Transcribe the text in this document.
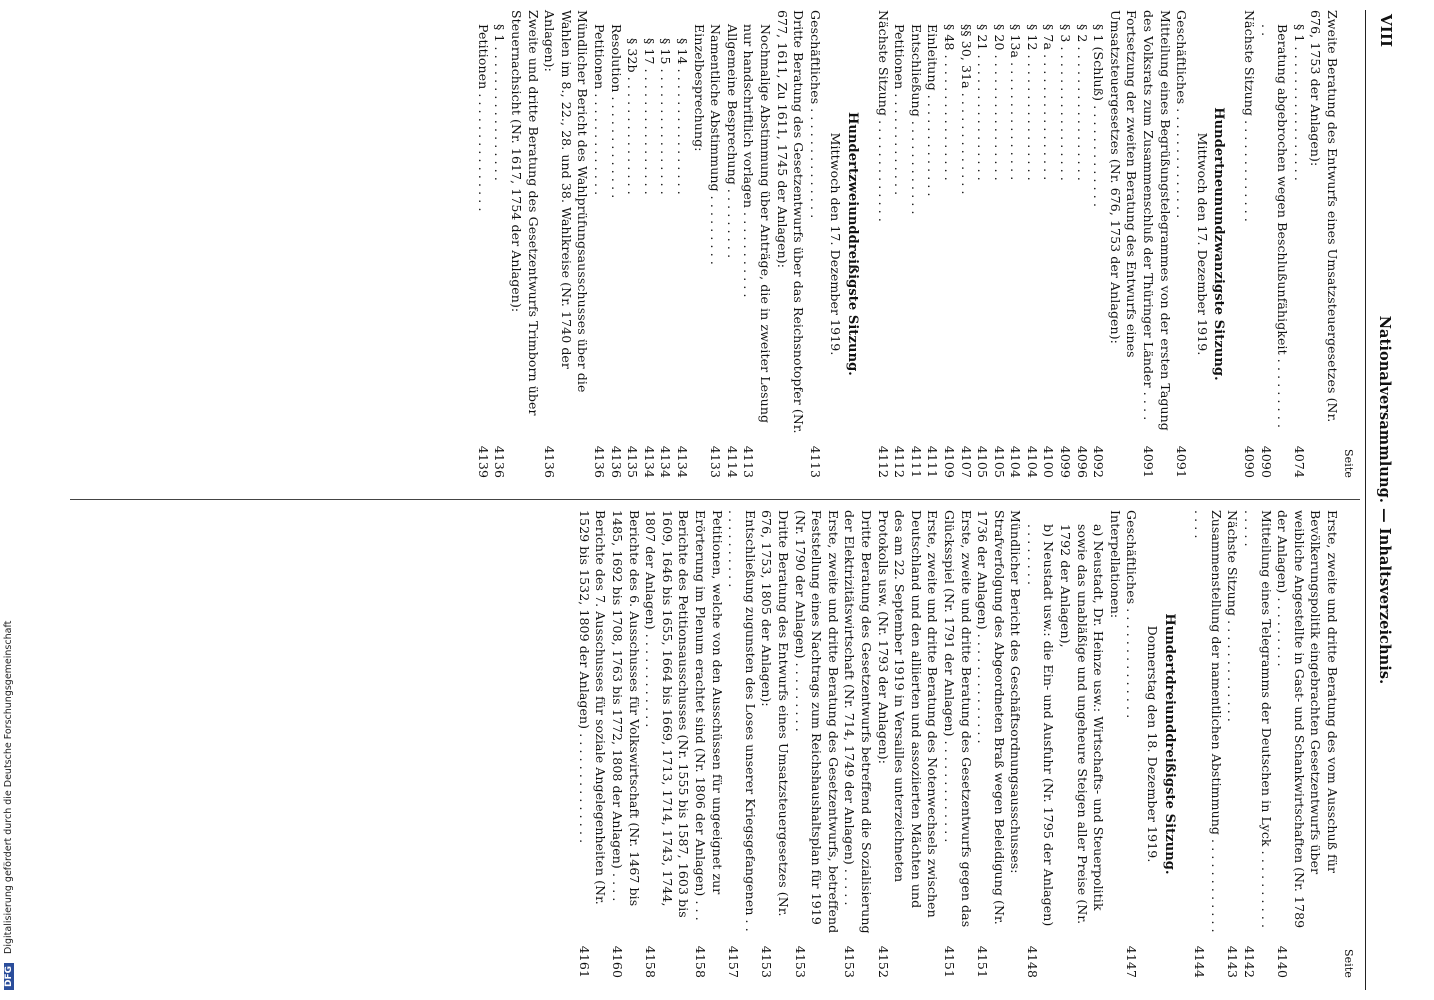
VIII
Nationalversammlung. — Inhaltsverzeichnis.
Seite
Zweite Beratung des Entwurfs eines Umsatzsteuergesetzes (Nr. 676, 1753 der Anlagen):
§ 1 . . . . . . . . . . . . . . . . .
4074
Beratung abgebrochen wegen Beschlußunfähigkeit . . . . . . . . . . .
4090
Nächste Sitzung . . . . . . . . . . . . .
4090
Hundertneunundzwanzigste Sitzung.
Mittwoch den 17. Dezember 1919.
Geschäftliches . . . . . . . . . . . . . .
4091
Mitteilung eines Begrüßungstelegrammes von der ersten Tagung des Volksrats zum Zusammenschluß der Thüringer Länder . . . .
4091
Fortsetzung der zweiten Beratung des Entwurfs eines Umsatzsteuergesetzes (Nr. 676, 1753 der Anlagen):
§ 1 (Schluß) . . . . . . . . . . . . .
4092
§ 2 . . . . . . . . . . . . . . . . .
4096
§ 3 . . . . . . . . . . . . . . . . .
4099
§ 7a . . . . . . . . . . . . . . . .
4100
§ 12 . . . . . . . . . . . . . . . .
4104
§ 13a . . . . . . . . . . . . . . .
4104
§ 20 . . . . . . . . . . . . . . . .
4105
§ 21 . . . . . . . . . . . . . . . .
4105
§§ 30, 31a . . . . . . . . . . . . .
4107
§ 48 . . . . . . . . . . . . . . . .
4109
Einleitung . . . . . . . . . . . . .
4111
Entschließung . . . . . . . . . . . .
4111
Petitionen . . . . . . . . . . . . .
4112
Nächste Sitzung . . . . . . . . . . . . .
4112
Hundertzweiunddreißigste Sitzung.
Mittwoch den 17. Dezember 1919.
Geschäftliches . . . . . . . . . . . . . .
4113
Dritte Beratung des Gesetzentwurfs über das Reichsnotopfer (Nr. 677, 1611, Zu 1611, 1745 der Anlagen):
Nochmalige Abstimmung über Anträge, die in zweiter Lesung nur handschriftlich vorlagen . . . . . . . . . . .
4113
Allgemeine Besprechung . . . . . . . . .
4114
Namentliche Abstimmung . . . . . . . . .
4133
Einzelbesprechung:
§ 14 . . . . . . . . . . . . . . . .
4134
§ 15 . . . . . . . . . . . . . . . .
4134
§ 17 . . . . . . . . . . . . . . . .
4134
§ 32b . . . . . . . . . . . . . . .
4135
Resolution . . . . . . . . . . . . .
4136
Petitionen . . . . . . . . . . . . .
4136
Mündlicher Bericht des Wahlprüfungsausschusses über die Wahlen im 8., 22., 28. und 38. Wahlkreise (Nr. 1740 der Anlagen):
4136
Zweite und dritte Beratung des Gesetzentwurfs Trimborn über Steuernachsicht (Nr. 1617, 1754 der Anlagen):
§ 1 . . . . . . . . . . . . . . . . .
4136
Petitionen . . . . . . . . . . . . . . .
4139
Seite
Erste, zweite und dritte Beratung des vom Ausschuß für Bevölkerungspolitik eingebrachten Gesetzentwurfs über weibliche Angestellte in Gast- und Schankwirtschaften (Nr. 1789 der Anlagen) . . . . . . . . .
4140
Mitteilung eines Telegramms der Deutschen in Lyck . . . . . . . . . . . . . . .
4142
Nächste Sitzung . . . . . . . . . . . . .
4143
Zusammenstellung der namentlichen Abstimmung . . . . . . . . . . . . . . . .
4144
Hundertdreiunddreißigste Sitzung.
Donnerstag den 18. Dezember 1919.
Geschäftliches . . . . . . . . . . . . . .
4147
Interpellationen:
a) Neustadt, Dr. Heinze usw.: Wirtschafts- und Steuerpolitik sowie das unabläßige und ungeheure Steigen aller Preise (Nr. 1792 der Anlagen),
b) Neustadt usw.: die Ein- und Ausfuhr (Nr. 1795 der Anlagen) . . . . . . . .
4148
Mündlicher Bericht des Geschäftsordnungsausschusses: Strafverfolgung des Abgeordneten Braß wegen Beleidigung (Nr. 1736 der Anlagen) . . . . . . . . . . . . . .
4151
Erste, zweite und dritte Beratung des Gesetzentwurfs gegen das Glücksspiel (Nr. 1791 der Anlagen) . . . . . . . . . . . . .
4151
Erste, zweite und dritte Beratung des Notenwechsels zwischen Deutschland und den alliierten und assoziierten Mächten und des am 22. September 1919 in Versailles unterzeichneten Protokolls usw. (Nr. 1793 der Anlagen):
4152
Dritte Beratung des Gesetzentwurfs betreffend die Sozialisierung der Elektrizitätswirtschaft (Nr. 714, 1749 der Anlagen) . . . . .
4153
Erste, zweite und dritte Beratung des Gesetzentwurfs, betreffend Feststellung eines Nachtrags zum Reichshaushaltsplan für 1919 (Nr. 1790 der Anlagen) . . . . . . . . .
4153
Dritte Beratung des Entwurfs eines Umsatzsteuergesetzes (Nr. 676, 1753, 1805 der Anlagen):
4153
Entschließung zugunsten des Loses unserer Kriegsgefangenen . . . . . . . . . . . .
4157
Petitionen, welche von den Ausschüssen für ungeeignet zur Erörterung im Plenum erachtet sind (Nr. 1806 der Anlagen) . . .
4158
Berichte des Petitionsausschusses (Nr. 1555 bis 1587, 1603 bis 1609, 1646 bis 1655, 1664 bis 1669, 1713, 1714, 1743, 1744, 1807 der Anlagen) . . . . . . . . . . . .
4158
Berichte des 6. Ausschusses für Volkswirtschaft (Nr. 1467 bis 1485, 1692 bis 1708, 1763 bis 1772, 1808 der Anlagen) . . . .
4160
Berichte des 7. Ausschusses für soziale Angelegenheiten (Nr. 1529 bis 1532, 1809 der Anlagen) . . . . . . . . . . . . . .
4161
DFG Digitalisierung gefördert durch die Deutsche Forschungsgemeinschaft
